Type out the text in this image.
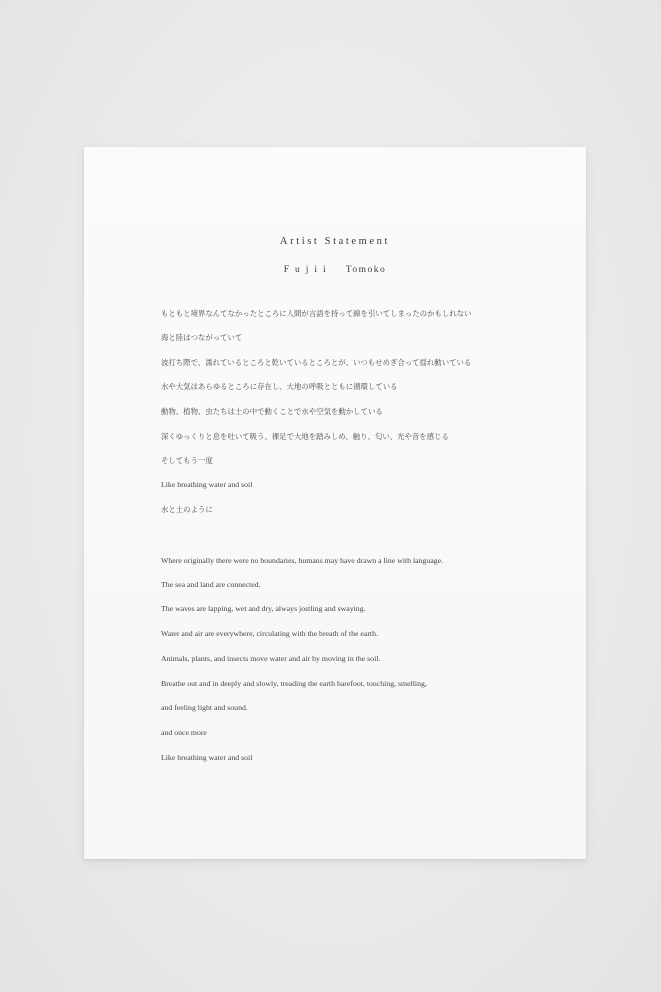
Artist Statement
Fujii Tomoko
もともと境界なんてなかったところに人間が言語を持って線を引いてしまったのかもしれない
海と陸はつながっていて
波打ち際で、濡れているところと乾いているところとが、いつもせめぎ合って揺れ動いている
水や大気はあらゆるところに存在し、大地の呼吸とともに循環している
動物、植物、虫たちは土の中で動くことで水や空気を動かしている
深くゆっくりと息を吐いて吸う、裸足で大地を踏みしめ、触り、匂い、光や音を感じる
そしてもう一度
Like breathing water and soil
水と土のように
Where originally there were no boundaries, humans may have drawn a line with language.
The sea and land are connected.
The waves are lapping, wet and dry, always jostling and swaying.
Water and air are everywhere, circulating with the breath of the earth.
Animals, plants, and insects move water and air by moving in the soil.
Breathe out and in deeply and slowly, treading the earth barefoot, touching, smelling,
and feeling light and sound.
and once more
Like breathing water and soil
